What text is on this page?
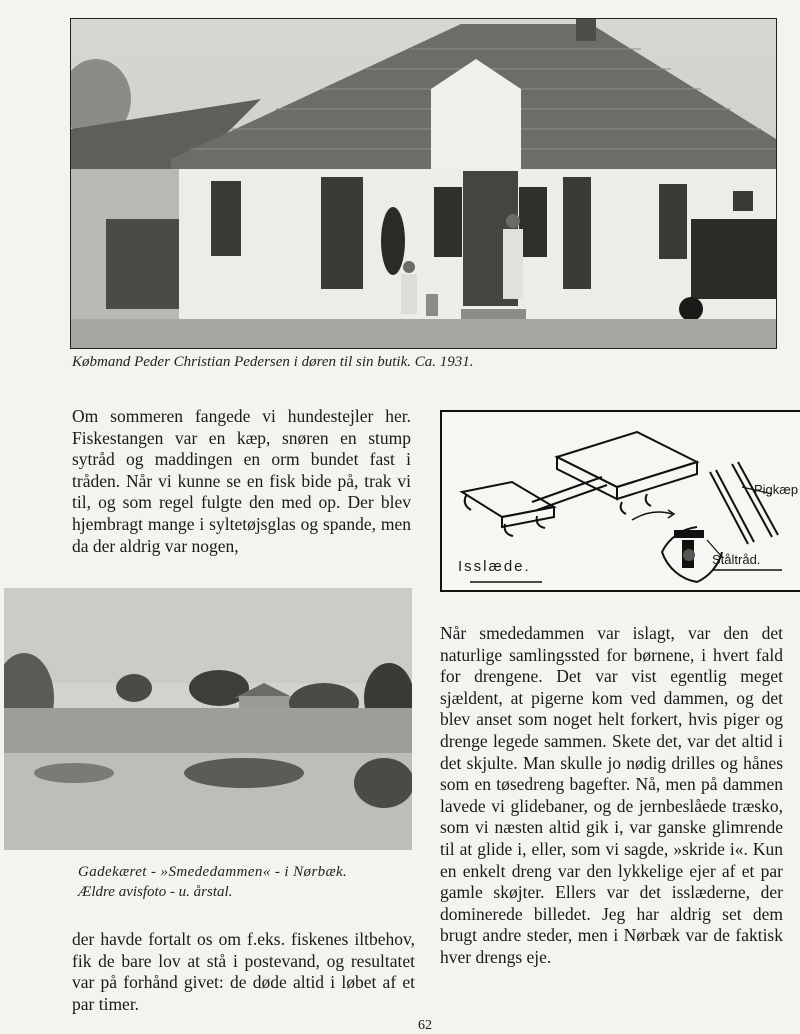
Købmand Peder Christian Pedersen i døren til sin butik. Ca. 1931.

Om sommeren fangede vi hundestejler her. Fiskestangen var en kæp, snøren en stump sytråd og maddingen en orm bundet fast i tråden. Når vi kunne se en fisk bide på, trak vi til, og som regel fulgte den med op. Der blev hjembragt mange i syltetøjsglas og spande, men da der aldrig var nogen,

Isslæde.
Pigkæp
Ståltråd.
Gadekæret - »Smededammen« - i Nørbæk.
Ældre avisfoto - u. årstal.

der havde fortalt os om f.eks. fiskenes iltbehov, fik de bare lov at stå i postevand, og resultatet var på forhånd givet: de døde altid i løbet af et par timer.

Når smededammen var islagt, var den det naturlige samlingssted for børnene, i hvert fald for drengene. Det var vist egentlig meget sjældent, at pigerne kom ved dammen, og det blev anset som noget helt forkert, hvis piger og drenge legede sammen. Skete det, var det altid i det skjulte. Man skulle jo nødig drilles og hånes som en tøsedreng bagefter. Nå, men på dammen lavede vi glidebaner, og de jernbeslåede træsko, som vi næsten altid gik i, var ganske glimrende til at glide i, eller, som vi sagde, »skride i«. Kun en enkelt dreng var den lykkelige ejer af et par gamle skøjter. Ellers var det isslæderne, der dominerede billedet. Jeg har aldrig set dem brugt andre steder, men i Nørbæk var de faktisk hver drengs eje.

62
